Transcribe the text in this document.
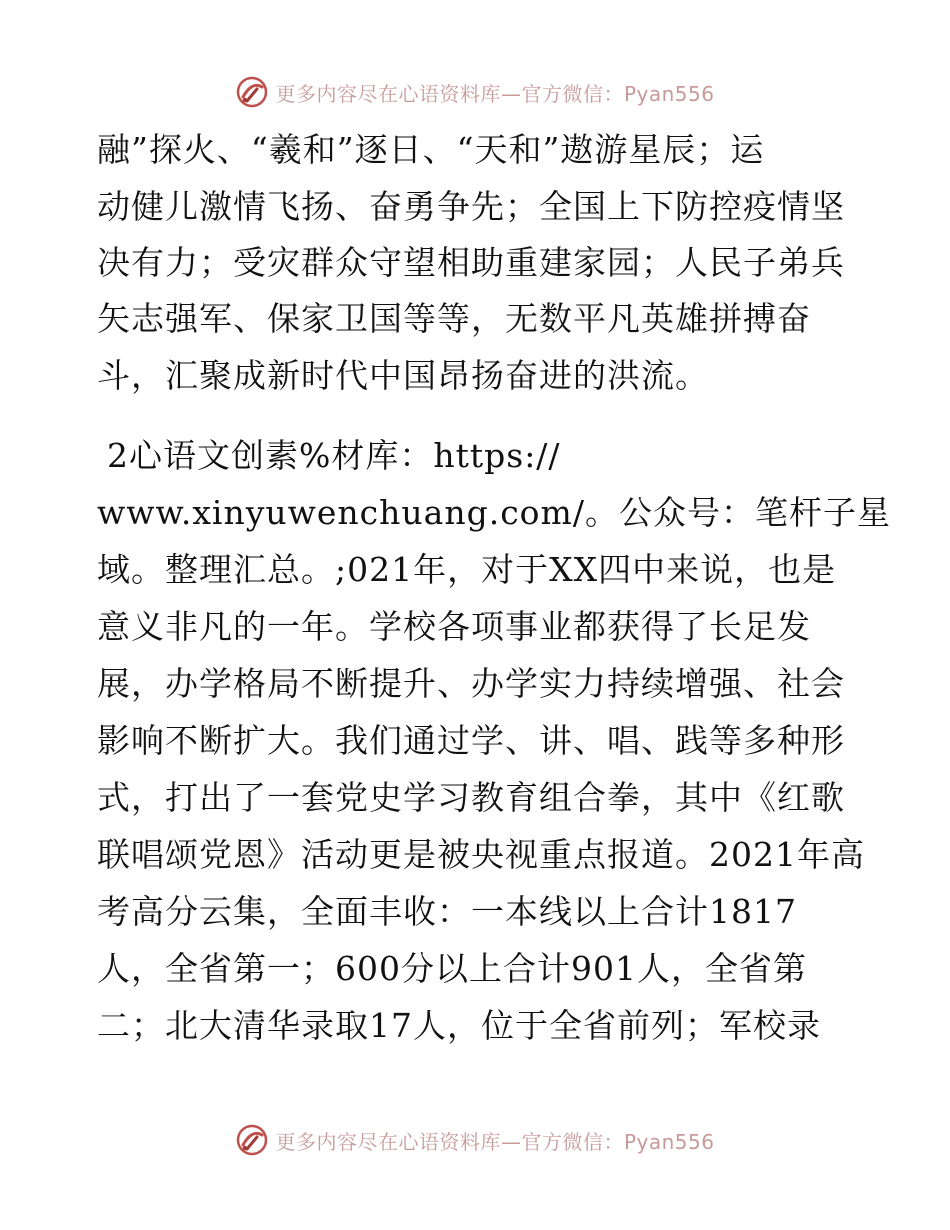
更多内容尽在心语资料库—官方微信：Pyan556
融”探火、“羲和”逐日、“天和”遨游星辰；运
动健儿激情飞扬、奋勇争先；全国上下防控疫情坚
决有力；受灾群众守望相助重建家园；人民子弟兵
矢志强军、保家卫国等等，无数平凡英雄拼搏奋
斗，汇聚成新时代中国昂扬奋进的洪流。
2心语文创素%材库：https://
www.xinyuwenchuang.com/。公众号：笔杆子星
域。整理汇总。;021年，对于XX四中来说，也是
意义非凡的一年。学校各项事业都获得了长足发
展，办学格局不断提升、办学实力持续增强、社会
影响不断扩大。我们通过学、讲、唱、践等多种形
式，打出了一套党史学习教育组合拳，其中《红歌
联唱颂党恩》活动更是被央视重点报道。2021年高
考高分云集，全面丰收：一本线以上合计1817
人，全省第一；600分以上合计901人，全省第
二；北大清华录取17人，位于全省前列；军校录
更多内容尽在心语资料库—官方微信：Pyan556
